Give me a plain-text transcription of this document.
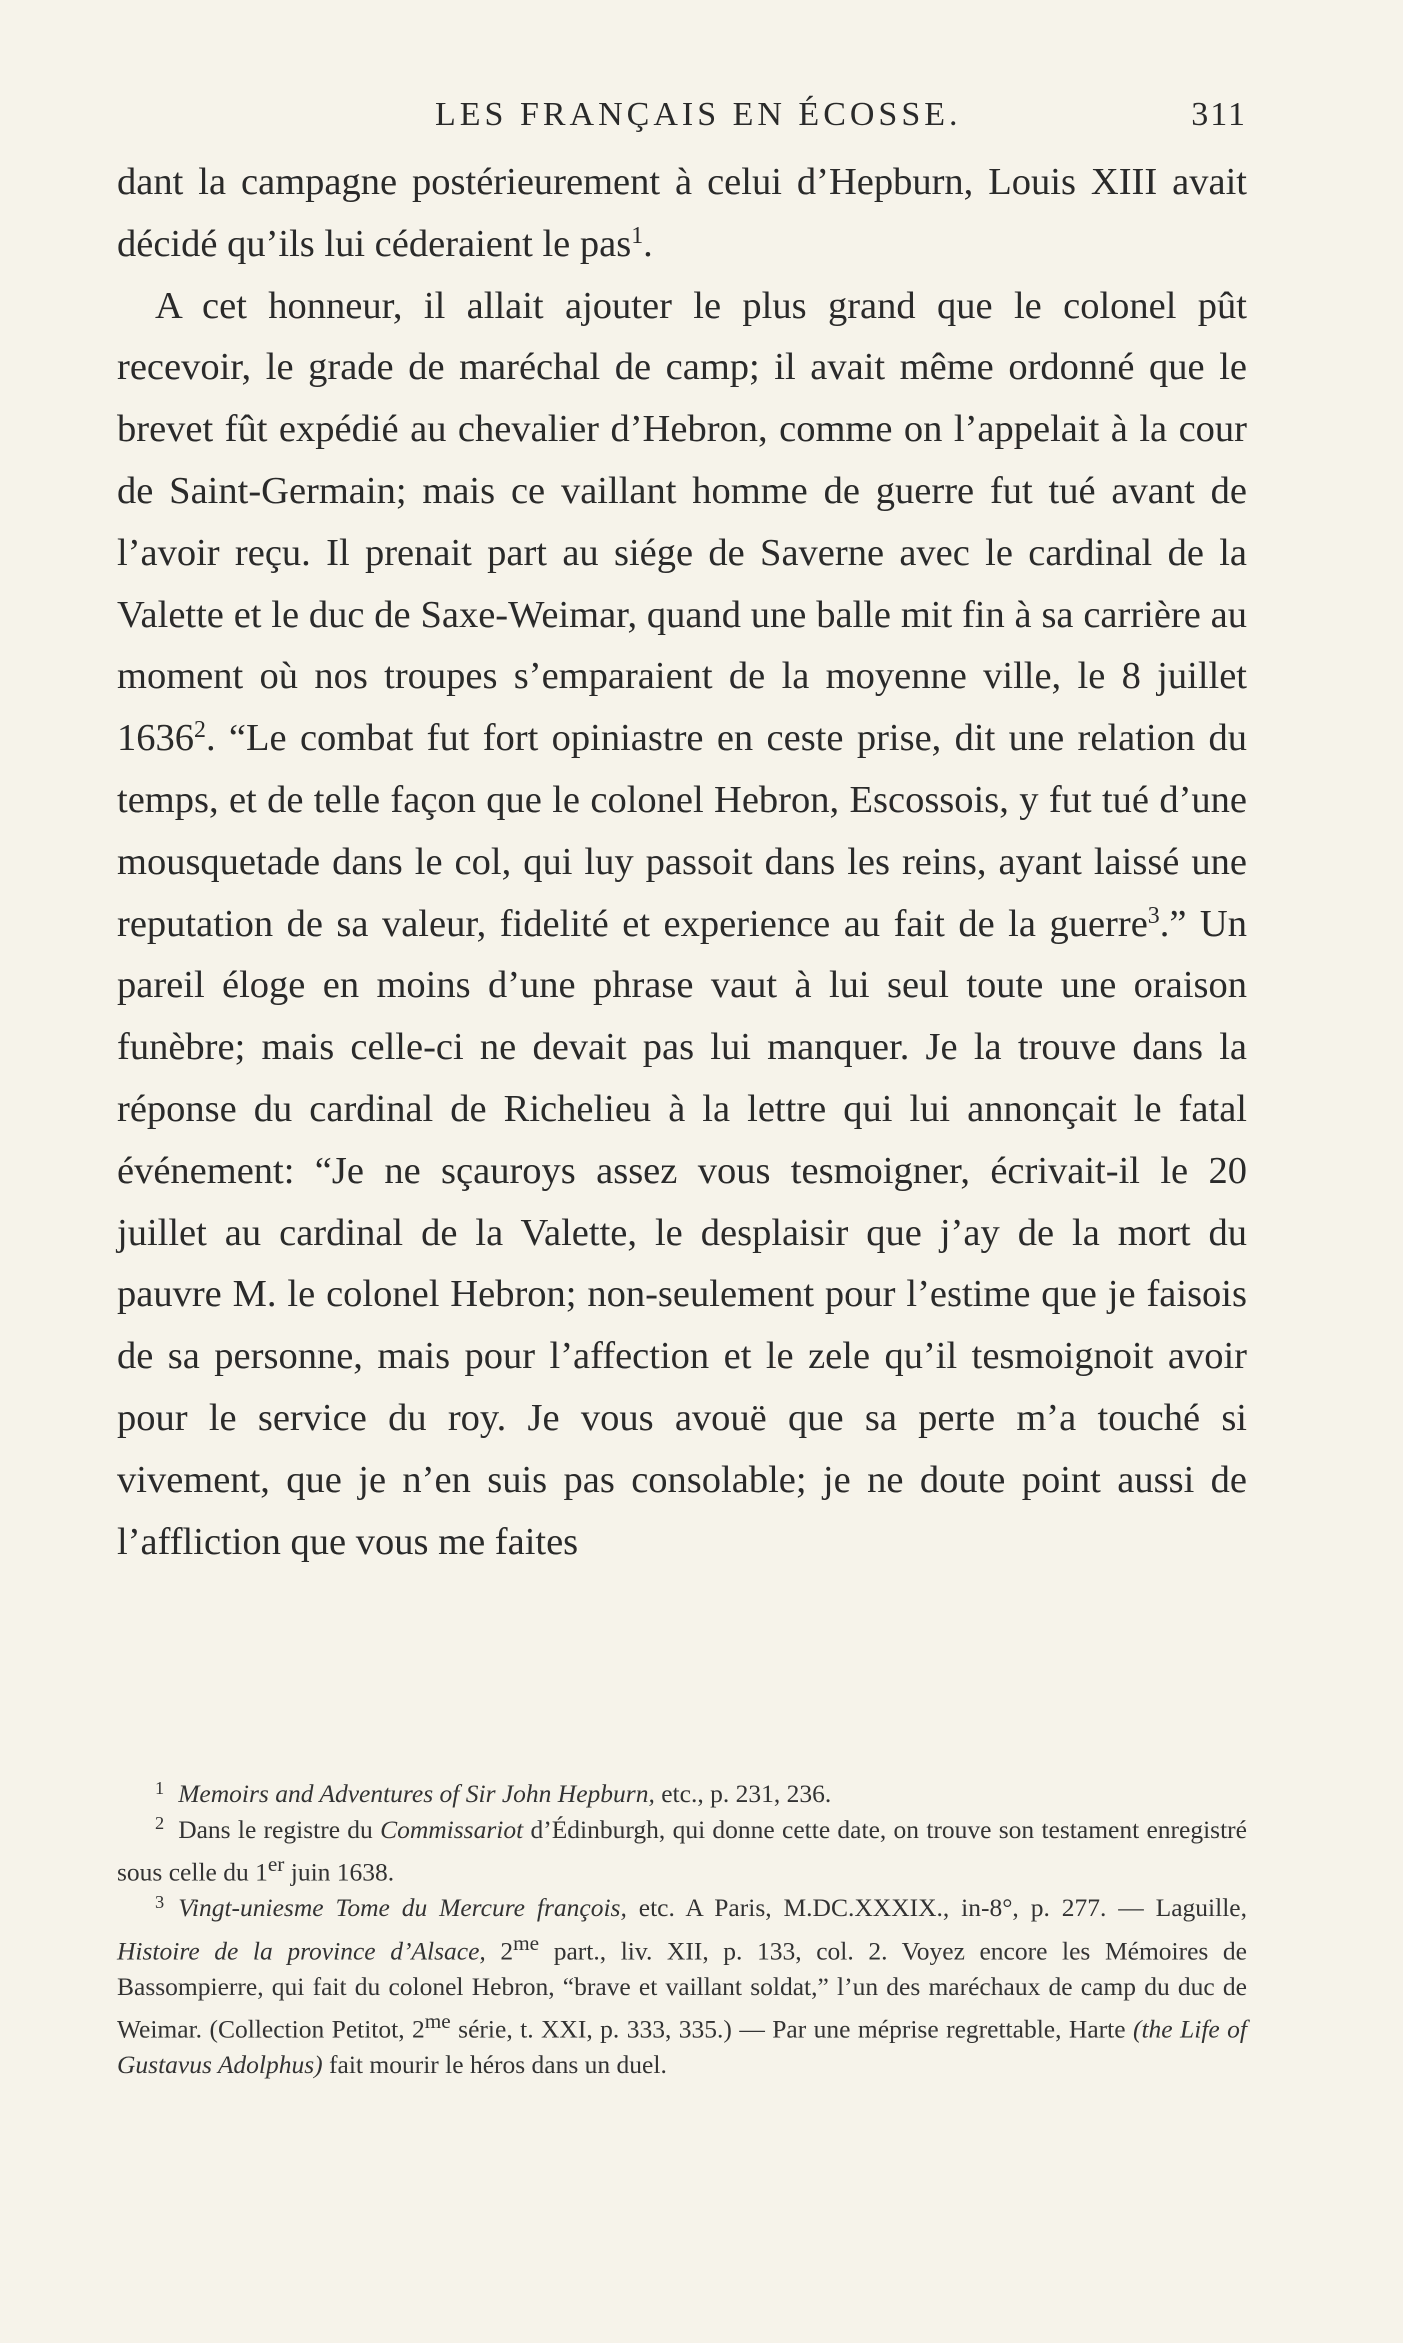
LES FRANÇAIS EN ÉCOSSE.	311

dant la campagne postérieurement à celui d’Hepburn, Louis XIII avait décidé qu’ils lui céderaient le pas$^1$.

A cet honneur, il allait ajouter le plus grand que le colonel pût recevoir, le grade de maréchal de camp; il avait même ordonné que le brevet fût expédié au chevalier d’Hebron, comme on l’appelait à la cour de Saint-Germain; mais ce vaillant homme de guerre fut tué avant de l’avoir reçu. Il prenait part au siége de Saverne avec le cardinal de la Valette et le duc de Saxe-Weimar, quand une balle mit fin à sa carrière au moment où nos troupes s’emparaient de la moyenne ville, le 8 juillet 1636$^2$. “Le combat fut fort opiniastre en ceste prise, dit une relation du temps, et de telle façon que le colonel Hebron, Escossois, y fut tué d’une mousquetade dans le col, qui luy passoit dans les reins, ayant laissé une reputation de sa valeur, fidelité et experience au fait de la guerre$^3$.” Un pareil éloge en moins d’une phrase vaut à lui seul toute une oraison funèbre; mais celle-ci ne devait pas lui manquer. Je la trouve dans la réponse du cardinal de Richelieu à la lettre qui lui annonçait le fatal événement: “Je ne sçauroys assez vous tesmoigner, écrivait-il le 20 juillet au cardinal de la Valette, le desplaisir que j’ay de la mort du pauvre M. le colonel Hebron; non-seulement pour l’estime que je faisois de sa personne, mais pour l’affection et le zele qu’il tesmoignoit avoir pour le service du roy. Je vous avouë que sa perte m’a touché si vivement, que je n’en suis pas consolable; je ne doute point aussi de l’affliction que vous me faites

$^1$ Memoirs and Adventures of Sir John Hepburn, etc., p. 231, 236.

$^2$ Dans le registre du Commissariot d’Édinburgh, qui donne cette date, on trouve son testament enregistré sous celle du 1er juin 1638.

$^3$ Vingt-uniesme Tome du Mercure françois, etc. A Paris, M.DC.XXXIX., in-8°, p. 277. — Laguille, Histoire de la province d’Alsace, $2^{me}$ part., liv. XII, p. 133, col. 2. Voyez encore les Mémoires de Bassompierre, qui fait du colonel Hebron, “brave et vaillant soldat,” l’un des maréchaux de camp du duc de Weimar. (Collection Petitot, $2^{me}$ série, t. XXI, p. 333, 335.) — Par une méprise regrettable, Harte (the Life of Gustavus Adolphus) fait mourir le héros dans un duel.
